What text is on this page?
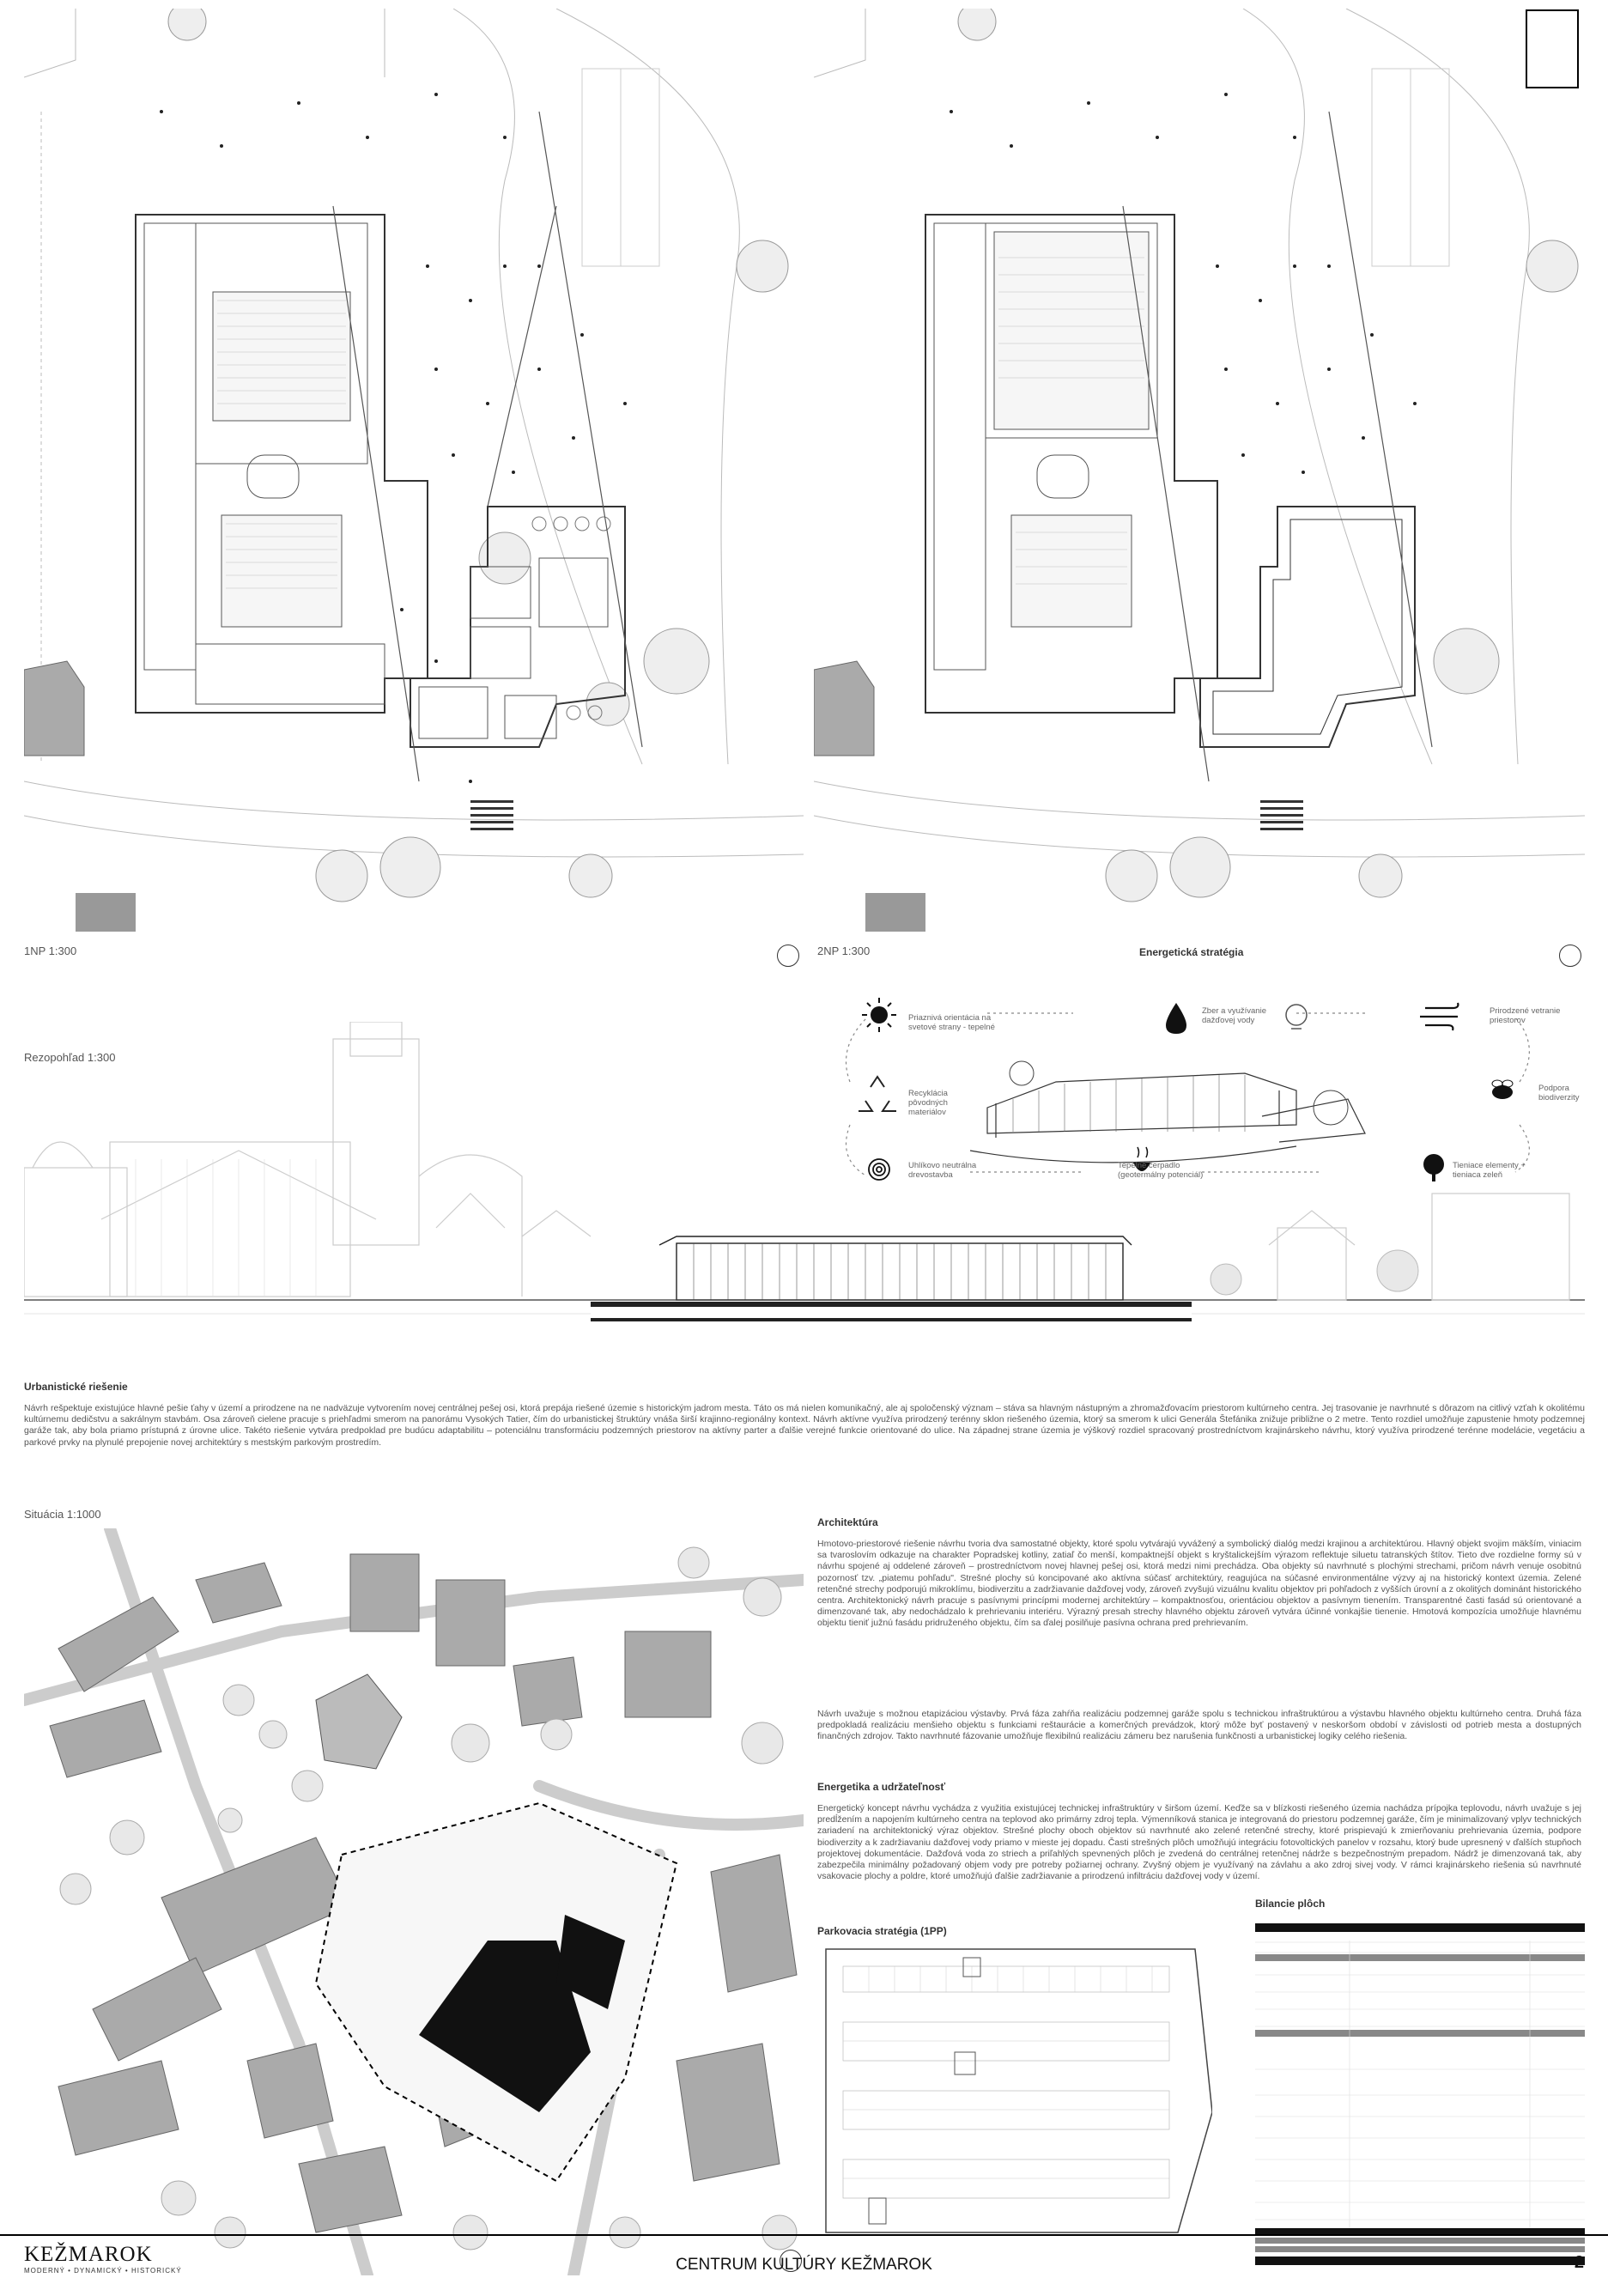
1NP 1:300	2NP 1:300
Rezopohľad 1:300
Energetická stratégia
Priaznivá orientácia na svetové strany - tepelné
Zber a využívanie dažďovej vody
Prirodzené vetranie priestorov
Recyklácia pôvodných materiálov
Podpora biodiverzity
Uhlíkovo neutrálna drevostavba
Tepelné čerpadlo (geotermálny potenciál)
Tieniace elementy + tieniaca zeleň
Urbanistické riešenie
Návrh rešpektuje existujúce hlavné pešie ťahy v území a prirodzene na ne nadväzuje vytvorením novej centrálnej pešej osi, ktorá prepája riešené územie s historickým jadrom mesta. Táto os má nielen komunikačný, ale aj spoločenský význam – stáva sa hlavným nástupným a zhromažďovacím priestorom kultúrneho centra. Jej trasovanie je navrhnuté s dôrazom na citlivý vzťah k okolitému kultúrnemu dedičstvu a sakrálnym stavbám. Osa zároveň cielene pracuje s priehľadmi smerom na panorámu Vysokých Tatier, čím do urbanistickej štruktúry vnáša širší krajinno-regionálny kontext. Návrh aktívne využíva prirodzený terénny sklon riešeného územia, ktorý sa smerom k ulici Generála Štefánika znižuje približne o 2 metre. Tento rozdiel umožňuje zapustenie hmoty podzemnej garáže tak, aby bola priamo prístupná z úrovne ulice. Takéto riešenie vytvára predpoklad pre budúcu adaptabilitu – potenciálnu transformáciu podzemných priestorov na aktívny parter a ďalšie verejné funkcie orientované do ulice. Na západnej strane územia je výškový rozdiel spracovaný prostredníctvom krajinárskeho návrhu, ktorý využíva prirodzené terénne modelácie, vegetáciu a parkové prvky na plynulé prepojenie novej architektúry s mestským parkovým prostredím.
Situácia 1:1000
Architektúra
Hmotovo-priestorové riešenie návrhu tvoria dva samostatné objekty, ktoré spolu vytvárajú vyvážený a symbolický dialóg medzi krajinou a architektúrou. Hlavný objekt svojim mäkším, viniacim sa tvaroslovím odkazuje na charakter Popradskej kotliny, zatiaľ čo menší, kompaktnejší objekt s kryštalickejším výrazom reflektuje siluetu tatranských štítov. Tieto dve rozdielne formy sú v návrhu spojené aj oddelené zároveň – prostredníctvom novej hlavnej pešej osi, ktorá medzi nimi prechádza. Oba objekty sú navrhnuté s plochými strechami, pričom návrh venuje osobitnú pozornosť tzv. „piatemu pohľadu". Strešné plochy sú koncipované ako aktívna súčasť architektúry, reagujúca na súčasné environmentálne výzvy aj na historický kontext územia. Zelené retenčné strechy podporujú mikroklímu, biodiverzitu a zadržiavanie dažďovej vody, zároveň zvyšujú vizuálnu kvalitu objektov pri pohľadoch z vyšších úrovní a z okolitých dominánt historického centra. Architektonický návrh pracuje s pasívnymi princípmi modernej architektúry – kompaktnosťou, orientáciou objektov a pasívnym tienením. Transparentné časti fasád sú orientované a dimenzované tak, aby nedochádzalo k prehrievaniu interiéru. Výrazný presah strechy hlavného objektu zároveň vytvára účinné vonkajšie tienenie. Hmotová kompozícia umožňuje hlavnému objektu tieniť južnú fasádu pridruženého objektu, čím sa ďalej posilňuje pasívna ochrana pred prehrievaním.
Návrh uvažuje s možnou etapizáciou výstavby. Prvá fáza zahŕňa realizáciu podzemnej garáže spolu s technickou infraštruktúrou a výstavbu hlavného objektu kultúrneho centra. Druhá fáza predpokladá realizáciu menšieho objektu s funkciami reštaurácie a komerčných prevádzok, ktorý môže byť postavený v neskoršom období v závislosti od potrieb mesta a dostupných finančných zdrojov. Takto navrhnuté fázovanie umožňuje flexibilnú realizáciu zámeru bez narušenia funkčnosti a urbanistickej logiky celého riešenia.
Energetika a udržateľnosť
Energetický koncept návrhu vychádza z využitia existujúcej technickej infraštruktúry v širšom území. Keďže sa v blízkosti riešeného územia nachádza prípojka teplovodu, návrh uvažuje s jej predĺžením a napojením kultúrneho centra na teplovod ako primárny zdroj tepla. Výmenníková stanica je integrovaná do priestoru podzemnej garáže, čím je minimalizovaný vplyv technických zariadení na architektonický výraz objektov. Strešné plochy oboch objektov sú navrhnuté ako zelené retenčné strechy, ktoré prispievajú k zmierňovaniu prehrievania územia, podpore biodiverzity a k zadržiavaniu dažďovej vody priamo v mieste jej dopadu. Časti strešných plôch umožňujú integráciu fotovoltických panelov v rozsahu, ktorý bude upresnený v ďalších stupňoch projektovej dokumentácie. Dažďová voda zo striech a priľahlých spevnených plôch je zvedená do centrálnej retenčnej nádrže s bezpečnostným prepadom. Nádrž je dimenzovaná tak, aby zabezpečila minimálny požadovaný objem vody pre potreby požiarnej ochrany. Zvyšný objem je využívaný na závlahu a ako zdroj sivej vody. V rámci krajinárskeho riešenia sú navrhnuté vsakovacie plochy a poldre, ktoré umožňujú ďalšie zadržiavanie a prirodzenú infiltráciu dažďovej vody v území.
Parkovacia stratégia (1PP)
Bilancie plôch
KEŽMAROK
MODERNÝ • DYNAMICKÝ • HISTORICKÝ	CENTRUM KULTÚRY KEŽMAROK	2
